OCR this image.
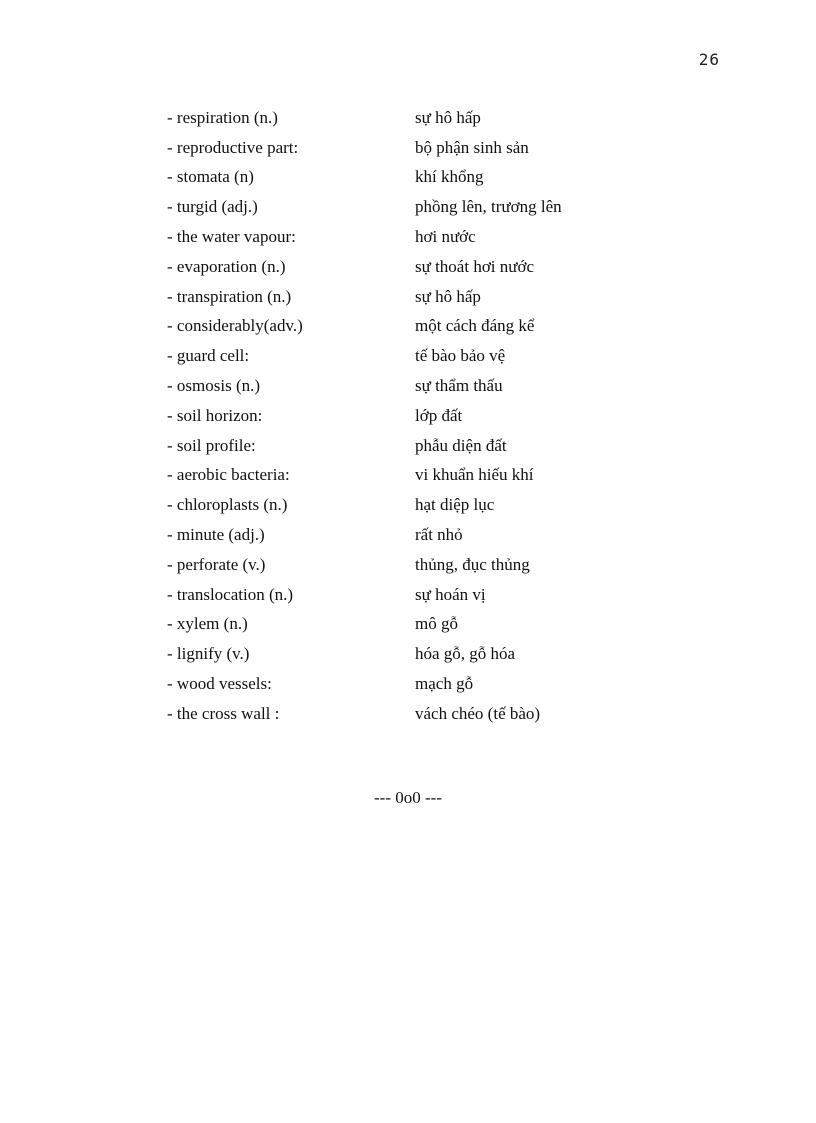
26
- respiration (n.)	sự hô hấp
- reproductive part:	bộ phận sinh sản
- stomata (n)	khí khổng
- turgid (adj.)	phồng lên, trương lên
- the water vapour:	hơi nước
- evaporation (n.)	sự thoát hơi nước
- transpiration (n.)	sự hô hấp
- considerably(adv.)	một cách đáng kể
- guard cell:	tế bào bảo vệ
- osmosis (n.)	sự thẩm thấu
- soil horizon:	lớp đất
- soil profile:	phẫu diện đất
- aerobic bacteria:	vi khuẩn hiếu khí
- chloroplasts (n.)	hạt diệp lục
- minute (adj.)	rất nhỏ
- perforate (v.)	thủng, đục thủng
- translocation (n.)	sự hoán vị
- xylem (n.)	mô gỗ
- lignify (v.)	hóa gỗ, gỗ hóa
- wood vessels:	mạch gỗ
- the cross wall :	vách chéo (tế bào)
--- 0o0 ---
